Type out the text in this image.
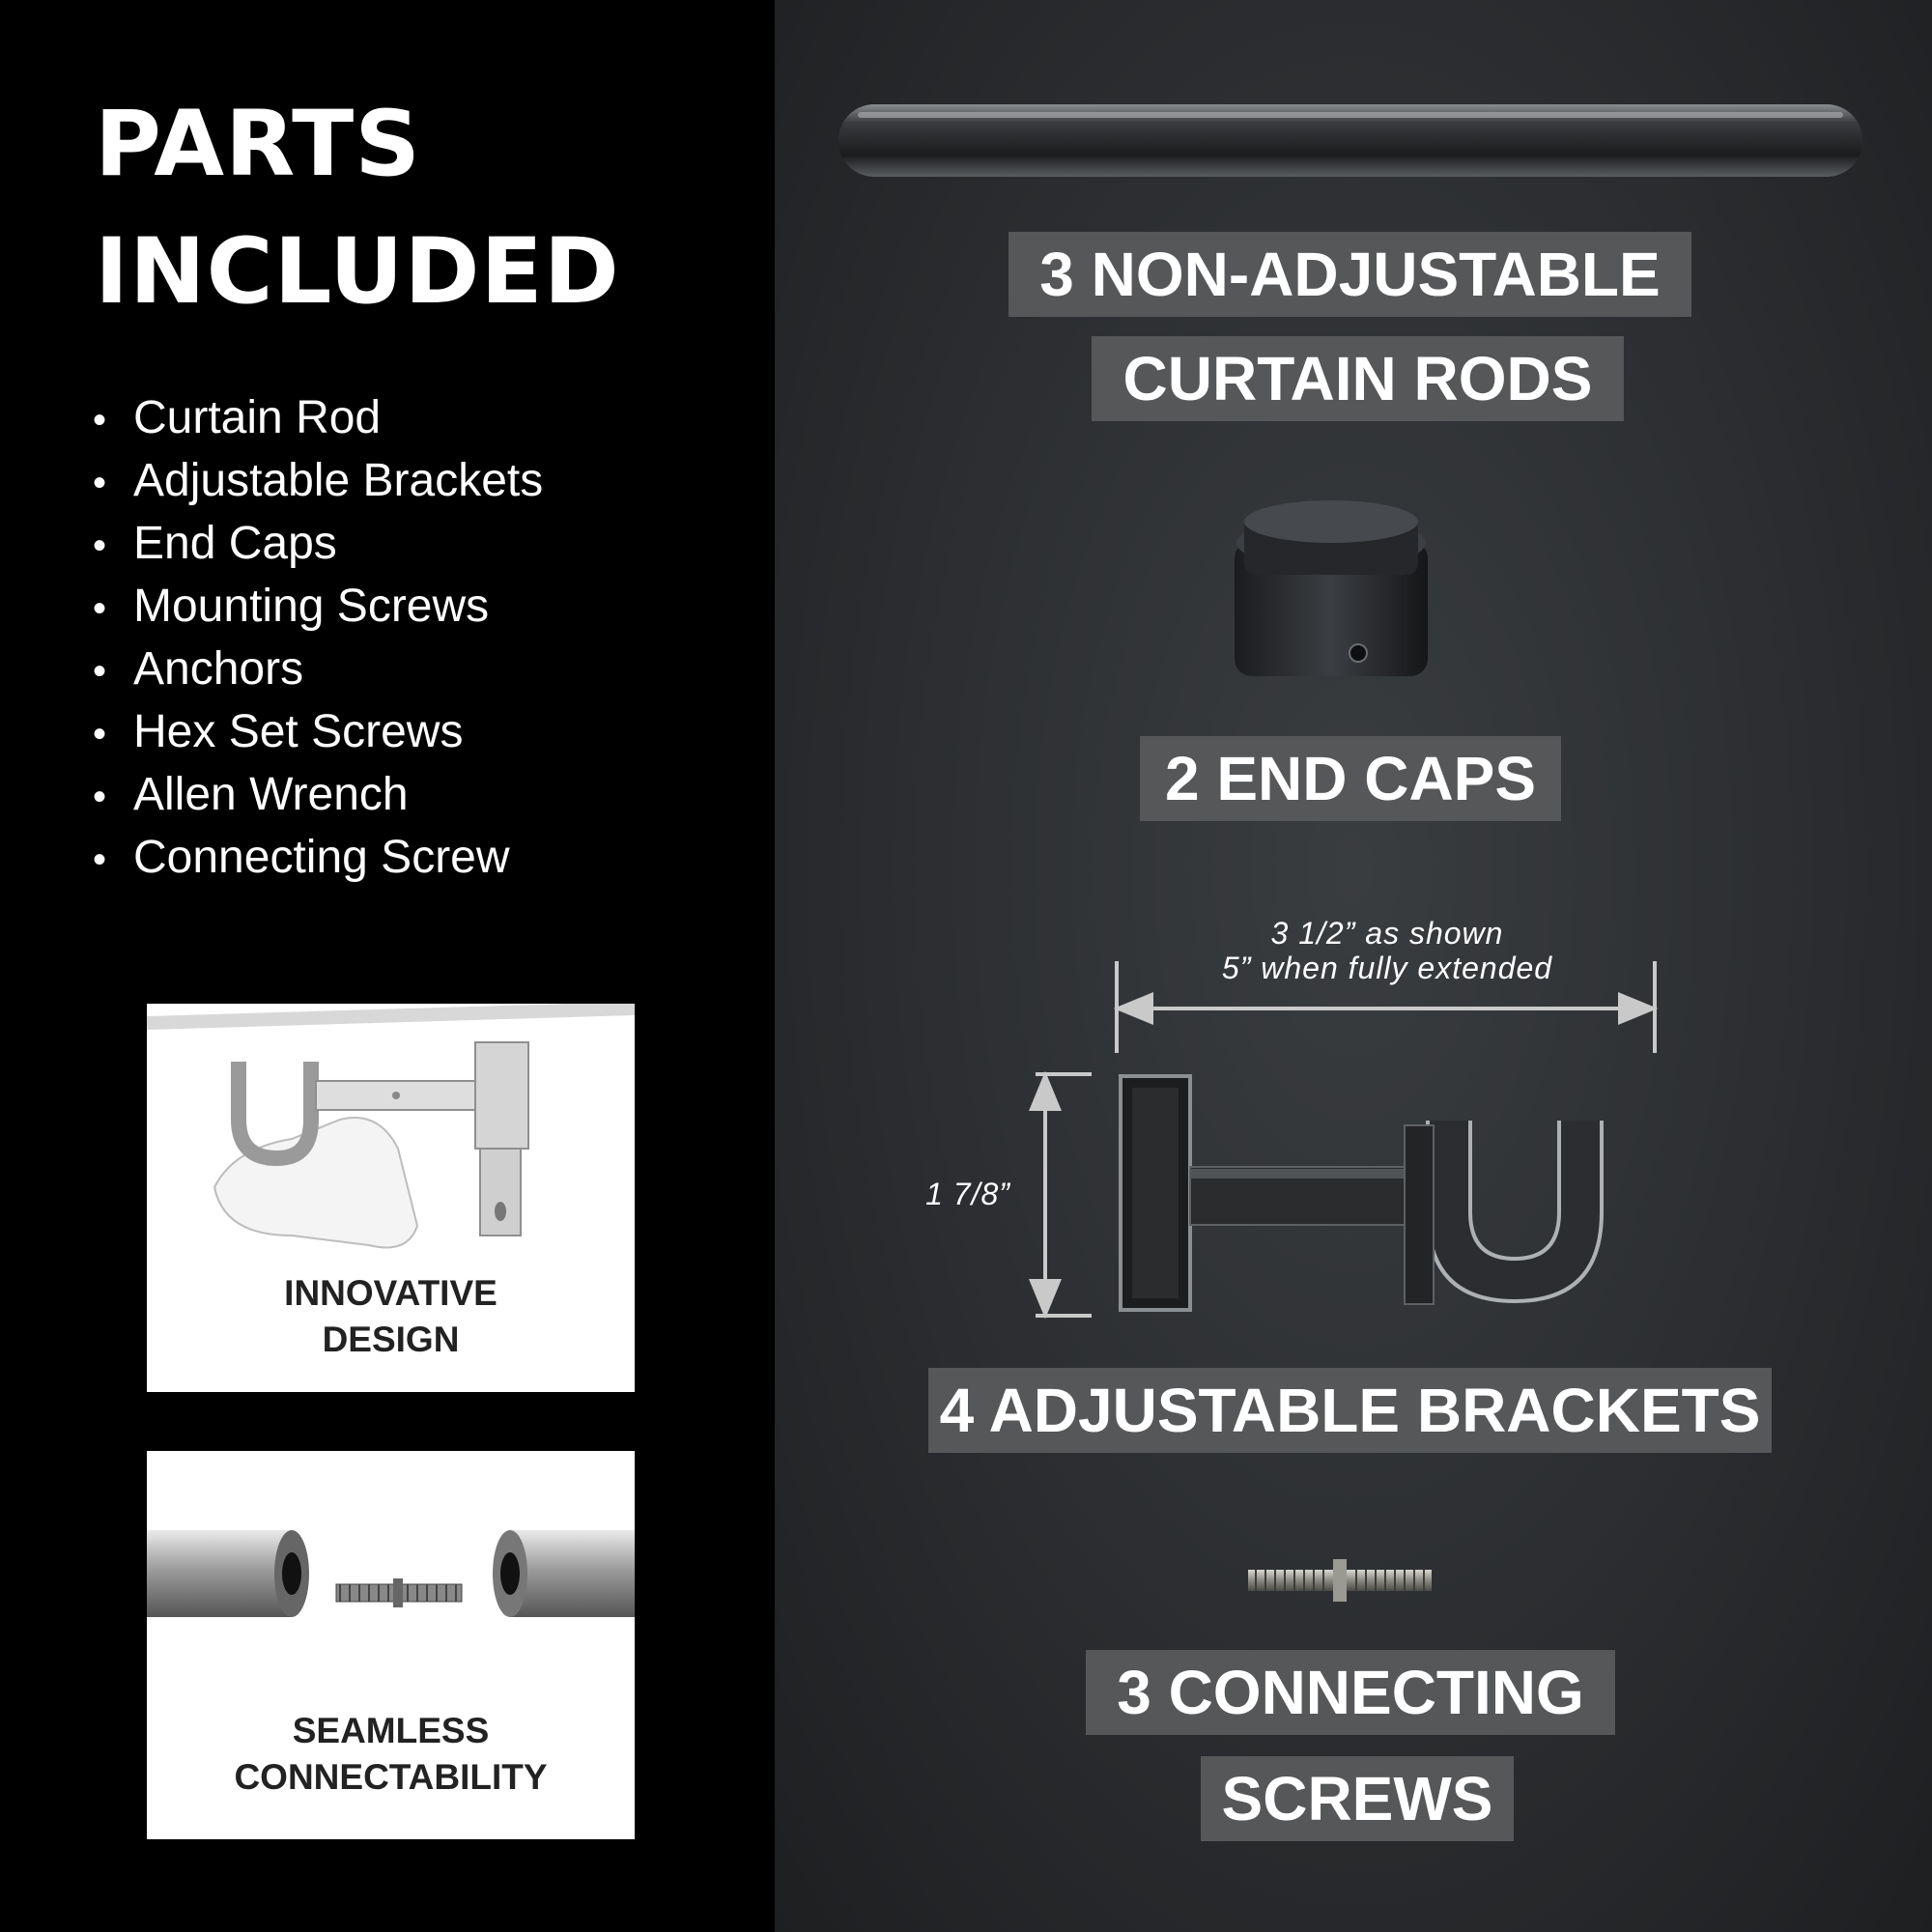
PARTS
INCLUDED
• Curtain Rod
• Adjustable Brackets
• End Caps
• Mounting Screws
• Anchors
• Hex Set Screws
• Allen Wrench
• Connecting Screw
INNOVATIVE
DESIGN
SEAMLESS
CONNECTABILITY
3 NON-ADJUSTABLE
CURTAIN RODS
2 END CAPS
3 1/2” as shown
5” when fully extended
1 7/8”
4 ADJUSTABLE BRACKETS
3 CONNECTING
SCREWS
